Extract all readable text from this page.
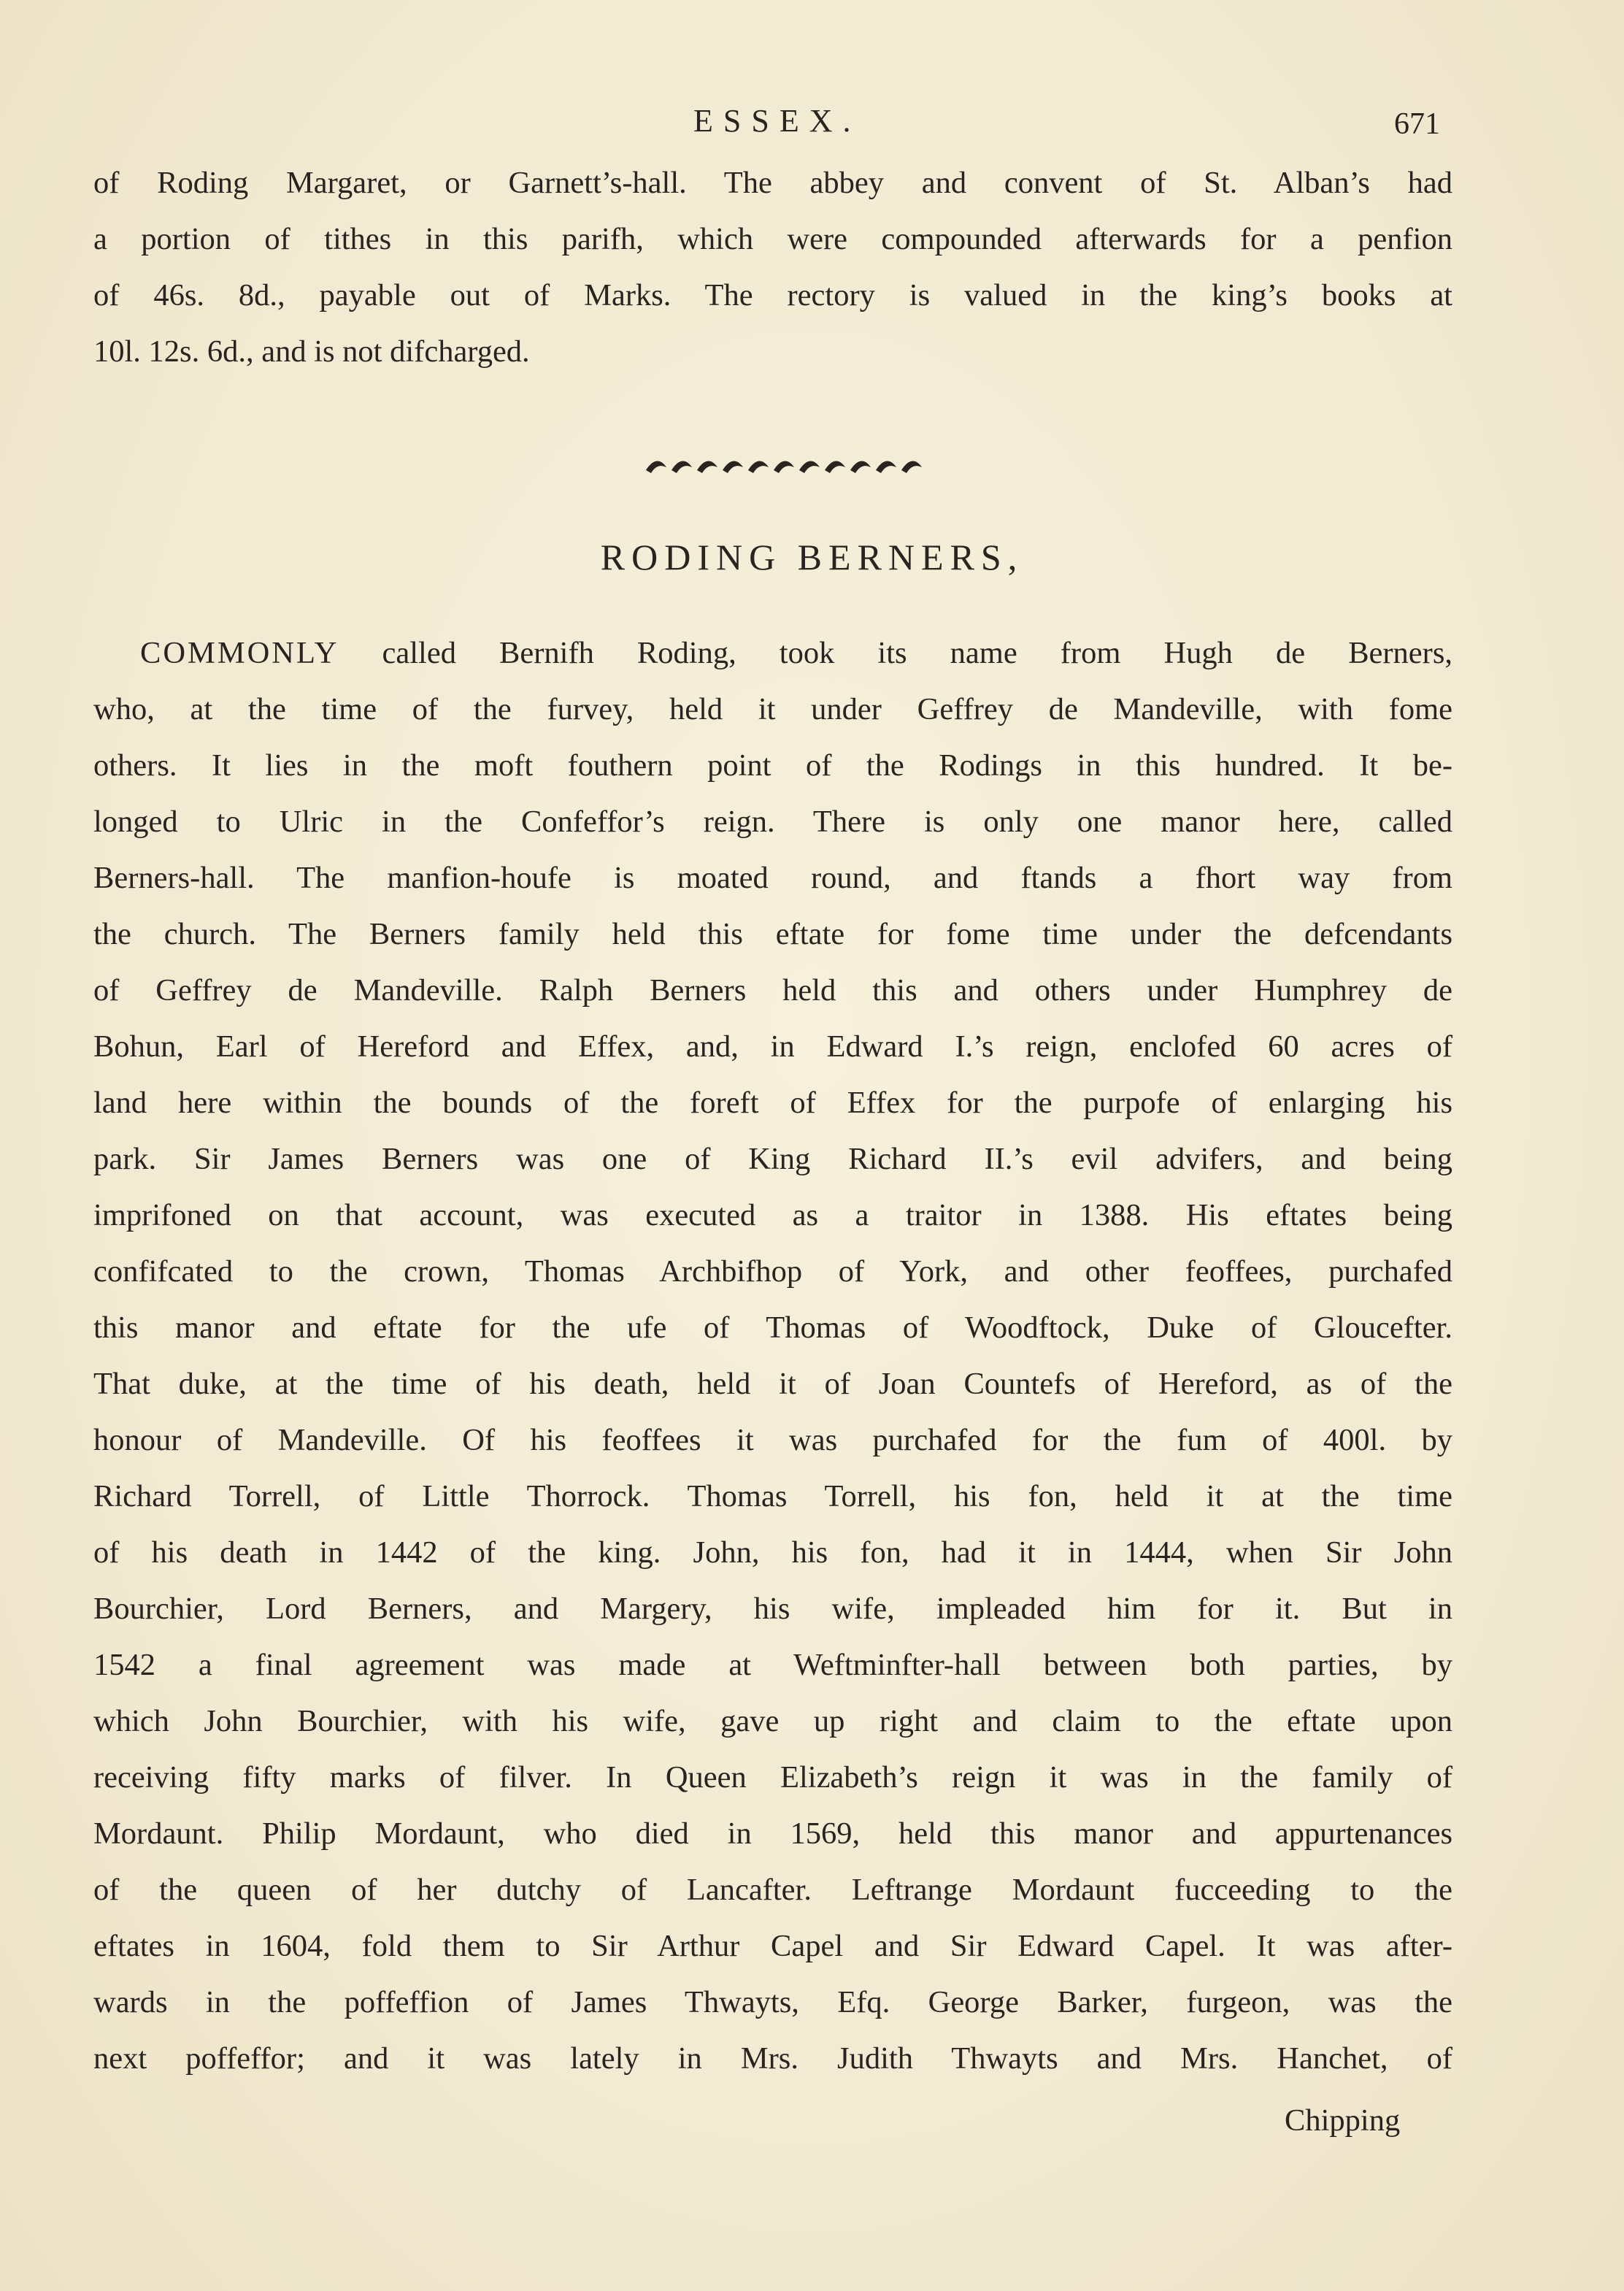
ESSEX.	671
of Roding Margaret, or Garnett’s-hall. The abbey and convent of St. Alban’s had
a portion of tithes in this parifh, which were compounded afterwards for a penfion
of 46s. 8d., payable out of Marks. The rectory is valued in the king’s books at
10l. 12s. 6d., and is not difcharged.
RODING BERNERS,
COMMONLY called Bernifh Roding, took its name from Hugh de Berners,
who, at the time of the furvey, held it under Geffrey de Mandeville, with fome
others. It lies in the moft fouthern point of the Rodings in this hundred. It be-
longed to Ulric in the Confeffor’s reign. There is only one manor here, called
Berners-hall. The manfion-houfe is moated round, and ftands a fhort way from
the church. The Berners family held this eftate for fome time under the defcendants
of Geffrey de Mandeville. Ralph Berners held this and others under Humphrey de
Bohun, Earl of Hereford and Effex, and, in Edward I.’s reign, enclofed 60 acres of
land here within the bounds of the foreft of Effex for the purpofe of enlarging his
park. Sir James Berners was one of King Richard II.’s evil advifers, and being
imprifoned on that account, was executed as a traitor in 1388. His eftates being
confifcated to the crown, Thomas Archbifhop of York, and other feoffees, purchafed
this manor and eftate for the ufe of Thomas of Woodftock, Duke of Gloucefter.
That duke, at the time of his death, held it of Joan Countefs of Hereford, as of the
honour of Mandeville. Of his feoffees it was purchafed for the fum of 400l. by
Richard Torrell, of Little Thorrock. Thomas Torrell, his fon, held it at the time
of his death in 1442 of the king. John, his fon, had it in 1444, when Sir John
Bourchier, Lord Berners, and Margery, his wife, impleaded him for it. But in
1542 a final agreement was made at Weftminfter-hall between both parties, by
which John Bourchier, with his wife, gave up right and claim to the eftate upon
receiving fifty marks of filver. In Queen Elizabeth’s reign it was in the family of
Mordaunt. Philip Mordaunt, who died in 1569, held this manor and appurtenances
of the queen of her dutchy of Lancafter. Leftrange Mordaunt fucceeding to the
eftates in 1604, fold them to Sir Arthur Capel and Sir Edward Capel. It was after-
wards in the poffeffion of James Thwayts, Efq. George Barker, furgeon, was the
next poffeffor; and it was lately in Mrs. Judith Thwayts and Mrs. Hanchet, of
Chipping
